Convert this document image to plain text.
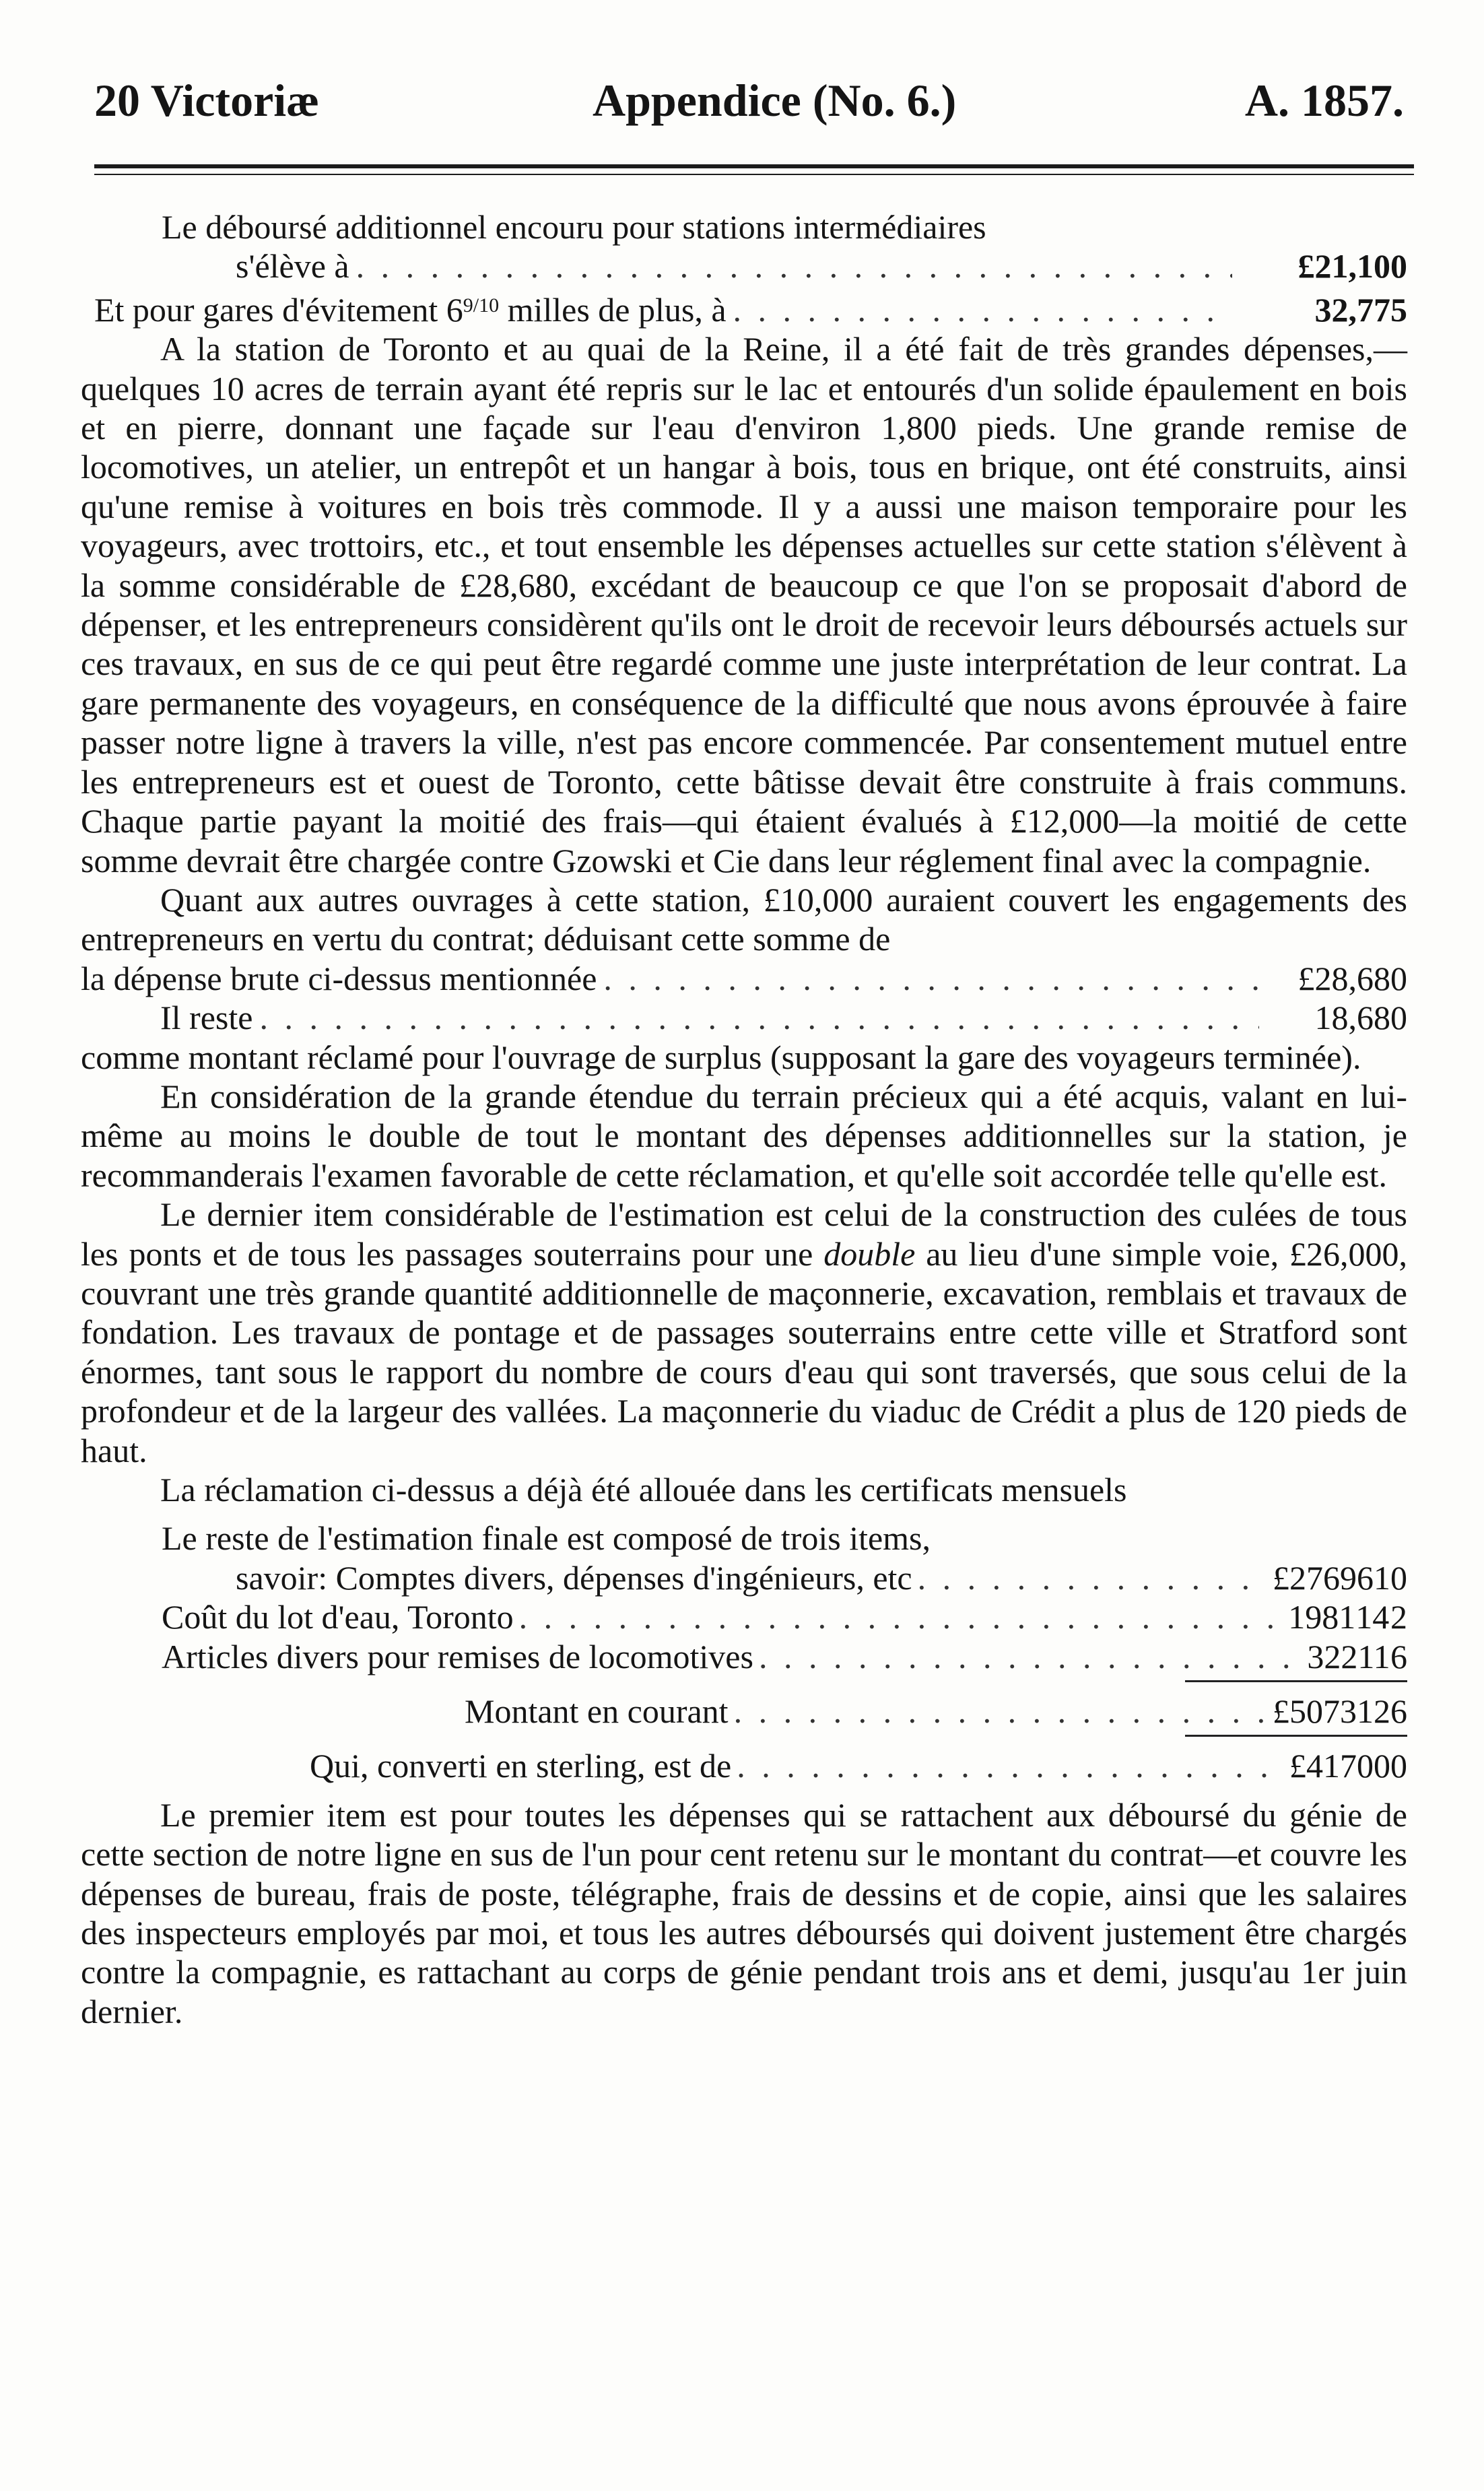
20 Victoriæ	Appendice (No. 6.)	A. 1857.

Le déboursé additionnel encouru pour stations intermédiaires

s'élève à . . .	£21,100
Et pour gares d'évitement $6^{9/10}$ milles de plus, à . . .	32,775

A la station de Toronto et au quai de la Reine, il a été fait de très grandes dépenses,—quelques 10 acres de terrain ayant été repris sur le lac et entourés d'un solide épaulement en bois et en pierre, donnant une façade sur l'eau d'environ 1,800 pieds. Une grande remise de locomotives, un atelier, un entrepôt et un hangar à bois, tous en brique, ont été construits, ainsi qu'une remise à voitures en bois très commode. Il y a aussi une maison temporaire pour les voyageurs, avec trottoirs, etc., et tout ensemble les dépenses actuelles sur cette station s'élèvent à la somme considérable de £28,680, excédant de beaucoup ce que l'on se proposait d'abord de dépenser, et les entrepreneurs considèrent qu'ils ont le droit de recevoir leurs déboursés actuels sur ces travaux, en sus de ce qui peut être regardé comme une juste interprétation de leur contrat. La gare permanente des voyageurs, en conséquence de la difficulté que nous avons éprouvée à faire passer notre ligne à travers la ville, n'est pas encore commencée. Par consentement mutuel entre les entrepreneurs est et ouest de Toronto, cette bâtisse devait être construite à frais communs. Chaque partie payant la moitié des frais—qui étaient évalués à £12,000—la moitié de cette somme devrait être chargée contre Gzowski et Cie dans leur réglement final avec la compagnie.

Quant aux autres ouvrages à cette station, £10,000 auraient couvert les engagements des entrepreneurs en vertu du contrat; déduisant cette somme de

la dépense brute ci-dessus mentionnée . . .	£28,680
Il reste . . .	18,680

comme montant réclamé pour l'ouvrage de surplus (supposant la gare des voyageurs terminée).

En considération de la grande étendue du terrain précieux qui a été acquis, valant en lui-même au moins le double de tout le montant des dépenses additionnelles sur la station, je recommanderais l'examen favorable de cette réclamation, et qu'elle soit accordée telle qu'elle est.

Le dernier item considérable de l'estimation est celui de la construction des culées de tous les ponts et de tous les passages souterrains pour une double au lieu d'une simple voie, £26,000, couvrant une très grande quantité additionnelle de maçonnerie, excavation, remblais et travaux de fondation. Les travaux de pontage et de passages souterrains entre cette ville et Stratford sont énormes, tant sous le rapport du nombre de cours d'eau qui sont traversés, que sous celui de la profondeur et de la largeur des vallées. La maçonnerie du viaduc de Crédit a plus de 120 pieds de haut.

La réclamation ci-dessus a déjà été allouée dans les certificats mensuels

Le reste de l'estimation finale est composé de trois items,
savoir: Comptes divers, dépenses d'ingénieurs, etc . . .	£2769 6 10
Coût du lot d'eau, Toronto . . .	1981 14 2
Articles divers pour remises de locomotives . . .	322 11 6
Montant en courant . . .	£5073 12 6
Qui, converti en sterling, est de . . .	£4170 0 0

Le premier item est pour toutes les dépenses qui se rattachent aux déboursé du génie de cette section de notre ligne en sus de l'un pour cent retenu sur le montant du contrat—et couvre les dépenses de bureau, frais de poste, télégraphe, frais de dessins et de copie, ainsi que les salaires des inspecteurs employés par moi, et tous les autres déboursés qui doivent justement être chargés contre la compagnie, es rattachant au corps de génie pendant trois ans et demi, jusqu'au 1er juin dernier.
